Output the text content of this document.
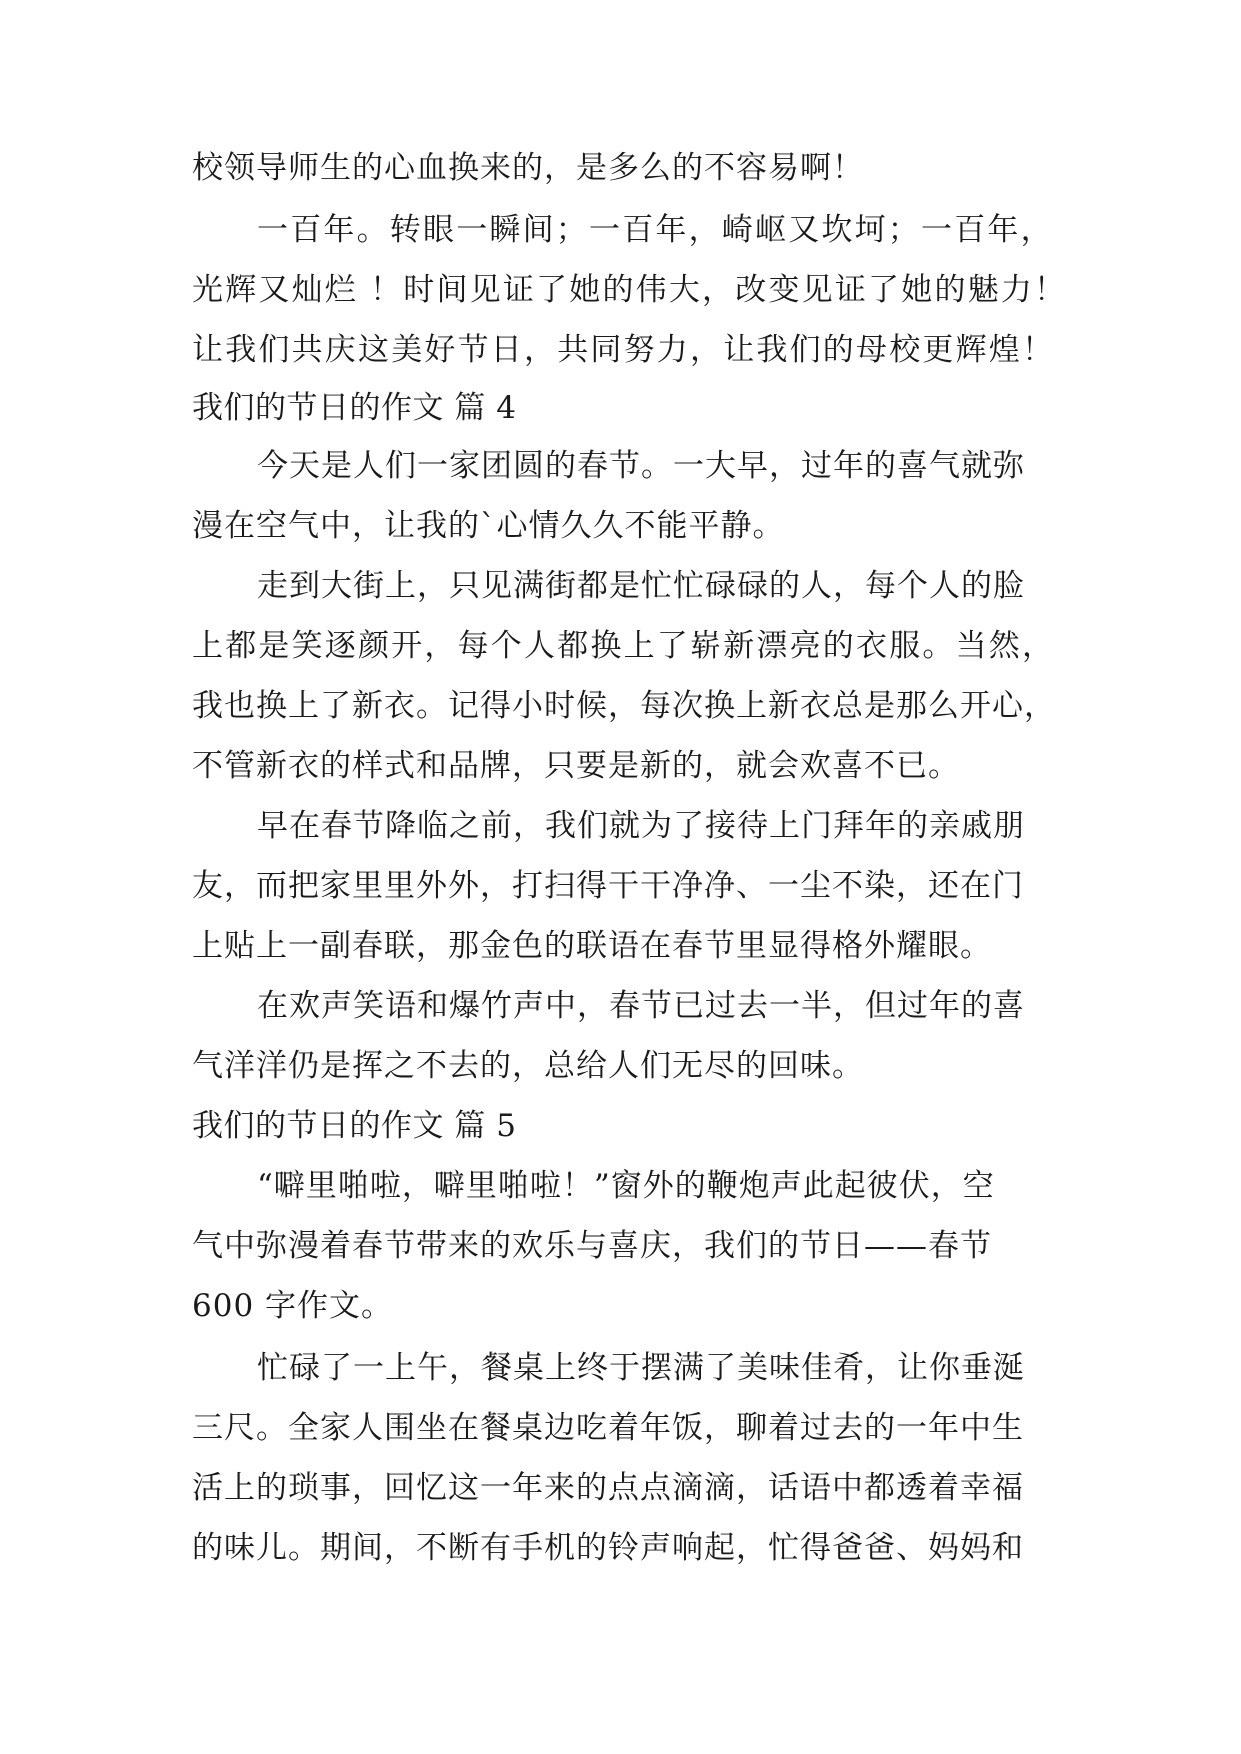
校领导师生的心血换来的，是多么的不容易啊！
一百年。转眼一瞬间；一百年，崎岖又坎坷；一百年，
光辉又灿烂 ！时间见证了她的伟大，改变见证了她的魅力！
让我们共庆这美好节日，共同努力，让我们的母校更辉煌！
我们的节日的作文 篇 4
今天是人们一家团圆的春节。一大早，过年的喜气就弥
漫在空气中，让我的`心情久久不能平静。
走到大街上，只见满街都是忙忙碌碌的人，每个人的脸
上都是笑逐颜开，每个人都换上了崭新漂亮的衣服。当然，
我也换上了新衣。记得小时候，每次换上新衣总是那么开心，
不管新衣的样式和品牌，只要是新的，就会欢喜不已。
早在春节降临之前，我们就为了接待上门拜年的亲戚朋
友，而把家里里外外，打扫得干干净净、一尘不染，还在门
上贴上一副春联，那金色的联语在春节里显得格外耀眼。
在欢声笑语和爆竹声中，春节已过去一半，但过年的喜
气洋洋仍是挥之不去的，总给人们无尽的回味。
我们的节日的作文 篇 5
“噼里啪啦，噼里啪啦！”窗外的鞭炮声此起彼伏，空
气中弥漫着春节带来的欢乐与喜庆，我们的节日——春节
600 字作文。
忙碌了一上午，餐桌上终于摆满了美味佳肴，让你垂涎
三尺。全家人围坐在餐桌边吃着年饭，聊着过去的一年中生
活上的琐事，回忆这一年来的点点滴滴，话语中都透着幸福
的味儿。期间，不断有手机的铃声响起，忙得爸爸、妈妈和
